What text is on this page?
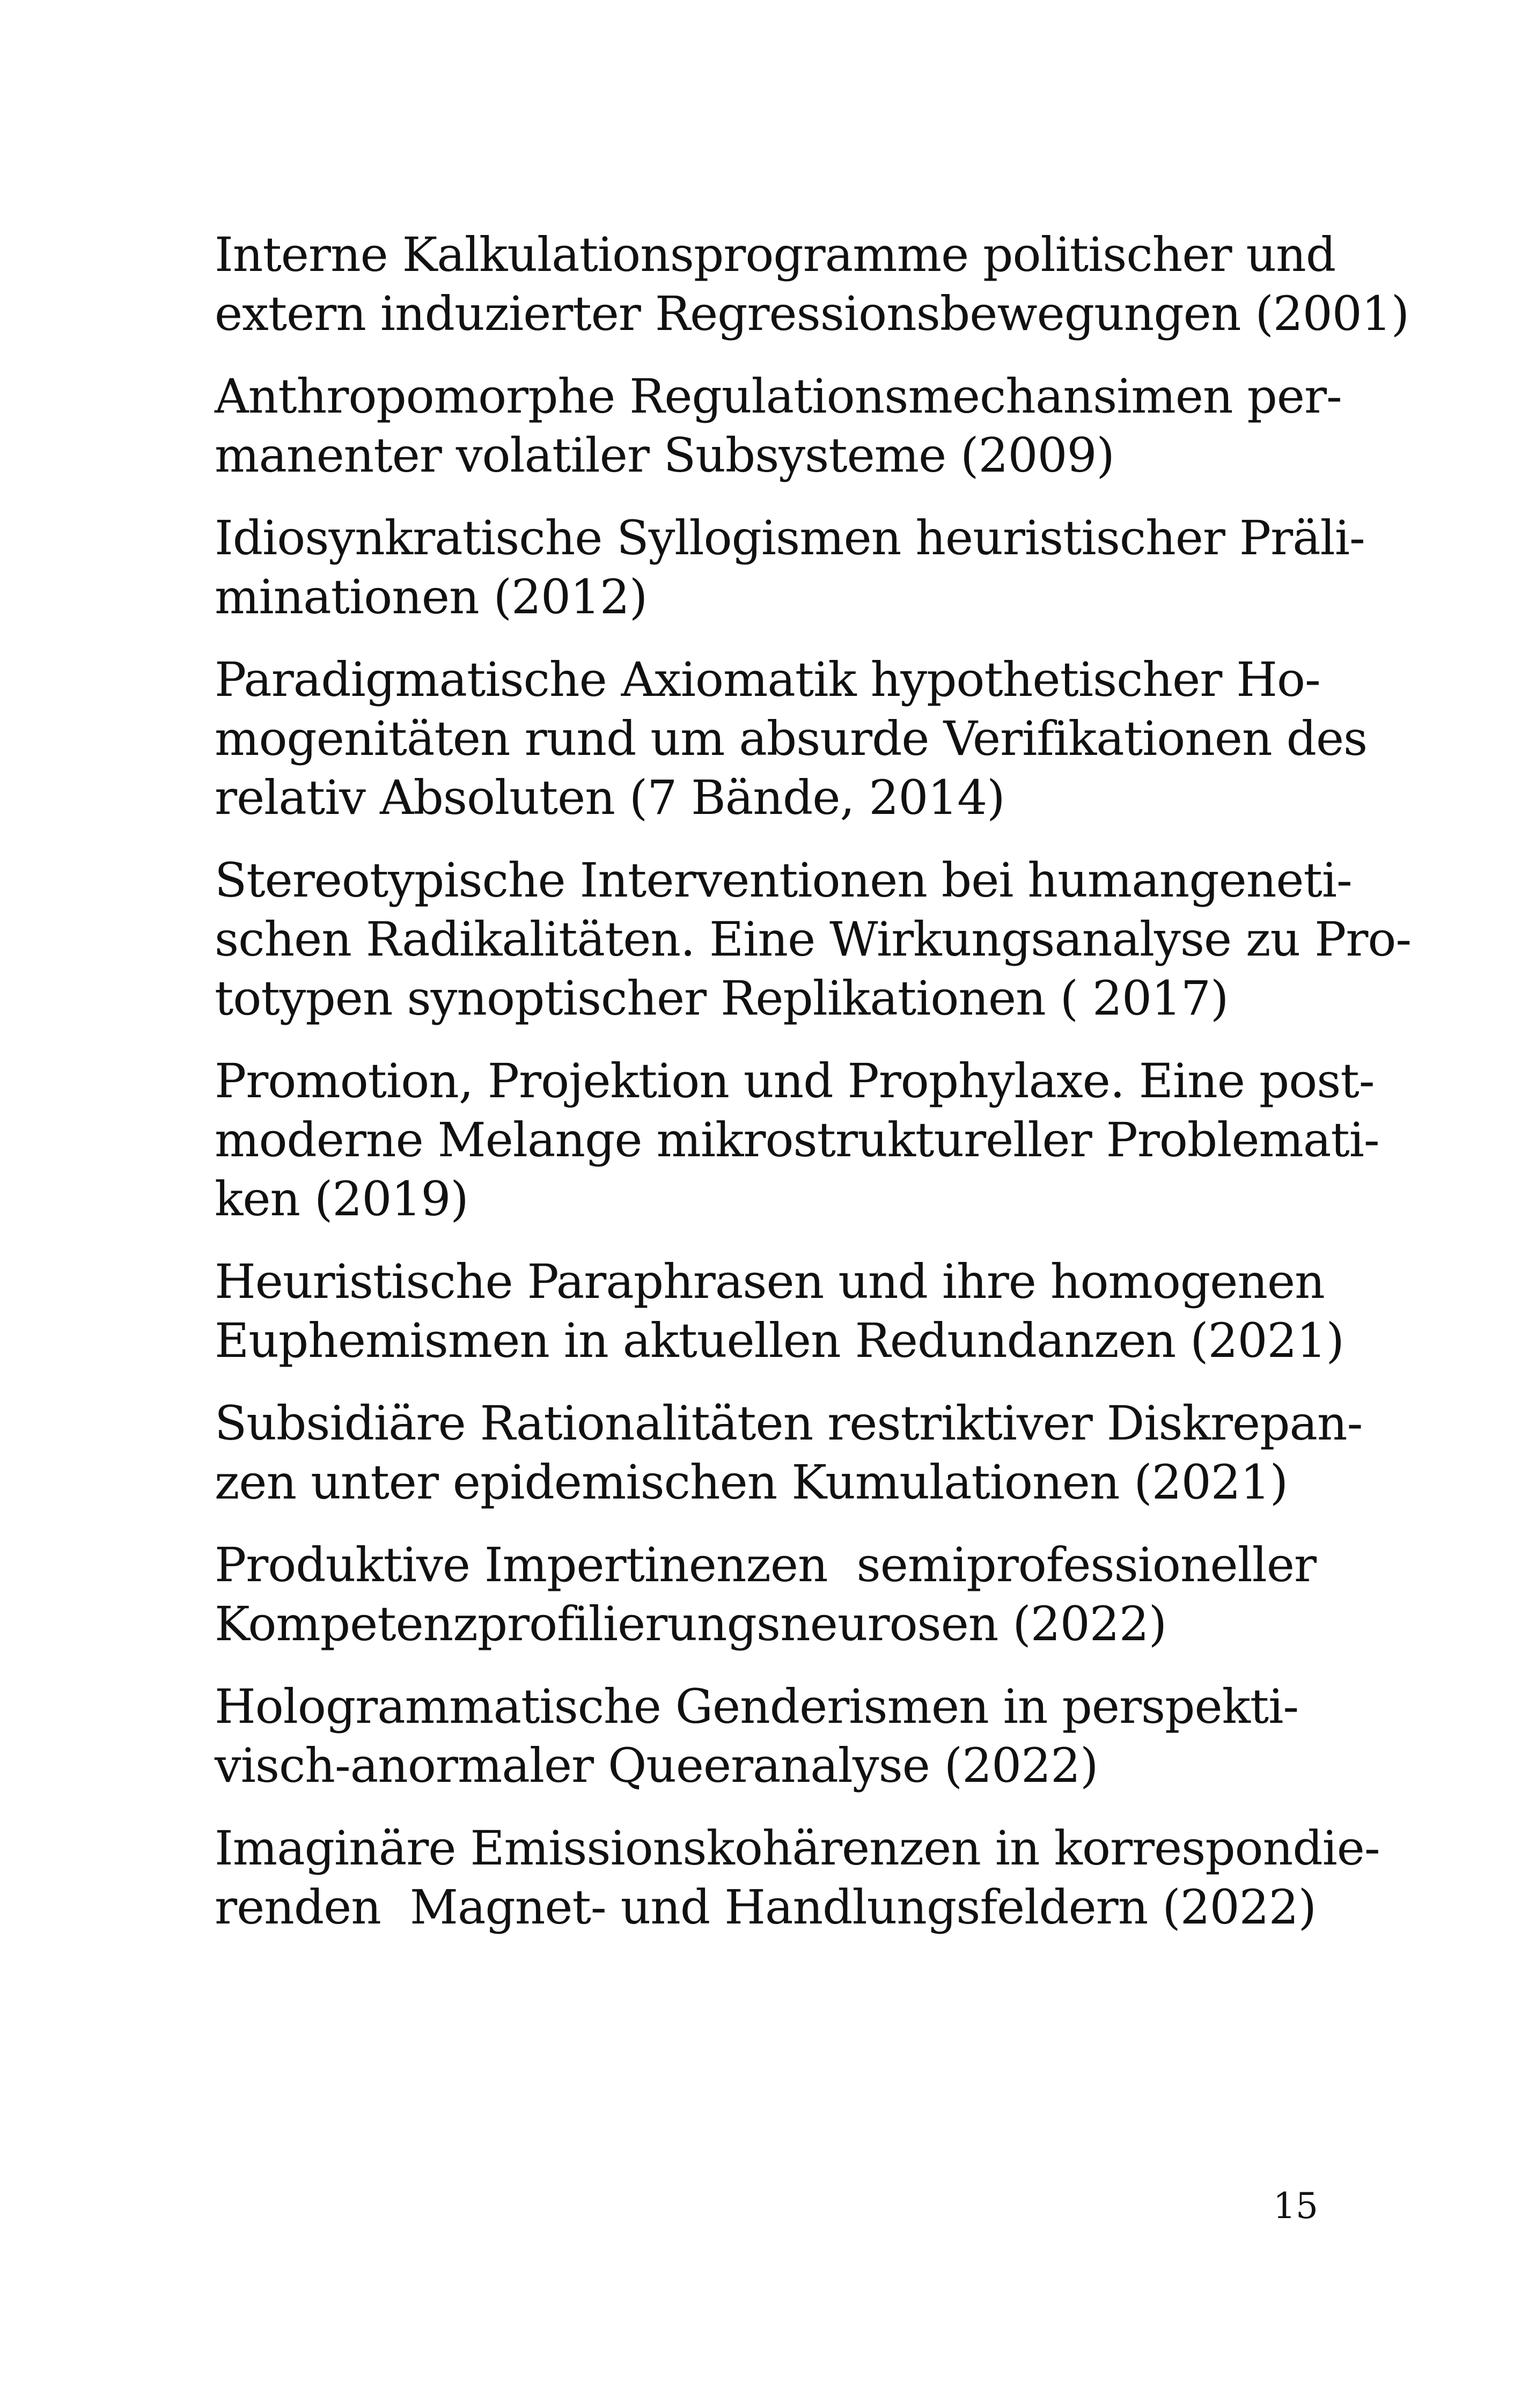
Interne Kalkulationsprogramme politischer und
extern induzierter Regressionsbewegungen (2001)
Anthropomorphe Regulationsmechansimen per-
manenter volatiler Subsysteme (2009)
Idiosynkratische Syllogismen heuristischer Präli-
minationen (2012)
Paradigmatische Axiomatik hypothetischer Ho-
mogenitäten rund um absurde Verifikationen des
relativ Absoluten (7 Bände, 2014)
Stereotypische Interventionen bei humangeneti-
schen Radikalitäten. Eine Wirkungsanalyse zu Pro-
totypen synoptischer Replikationen ( 2017)
Promotion, Projektion und Prophylaxe. Eine post-
moderne Melange mikrostruktureller Problemati-
ken (2019)
Heuristische Paraphrasen und ihre homogenen
Euphemismen in aktuellen Redundanzen (2021)
Subsidiäre Rationalitäten restriktiver Diskrepan-
zen unter epidemischen Kumulationen (2021)
Produktive Impertinenzen  semiprofessioneller
Kompetenzprofilierungsneurosen (2022)
Hologrammatische Genderismen in perspekti-
visch-anormaler Queeranalyse (2022)
Imaginäre Emissionskohärenzen in korrespondie-
renden  Magnet- und Handlungsfeldern (2022)
15
